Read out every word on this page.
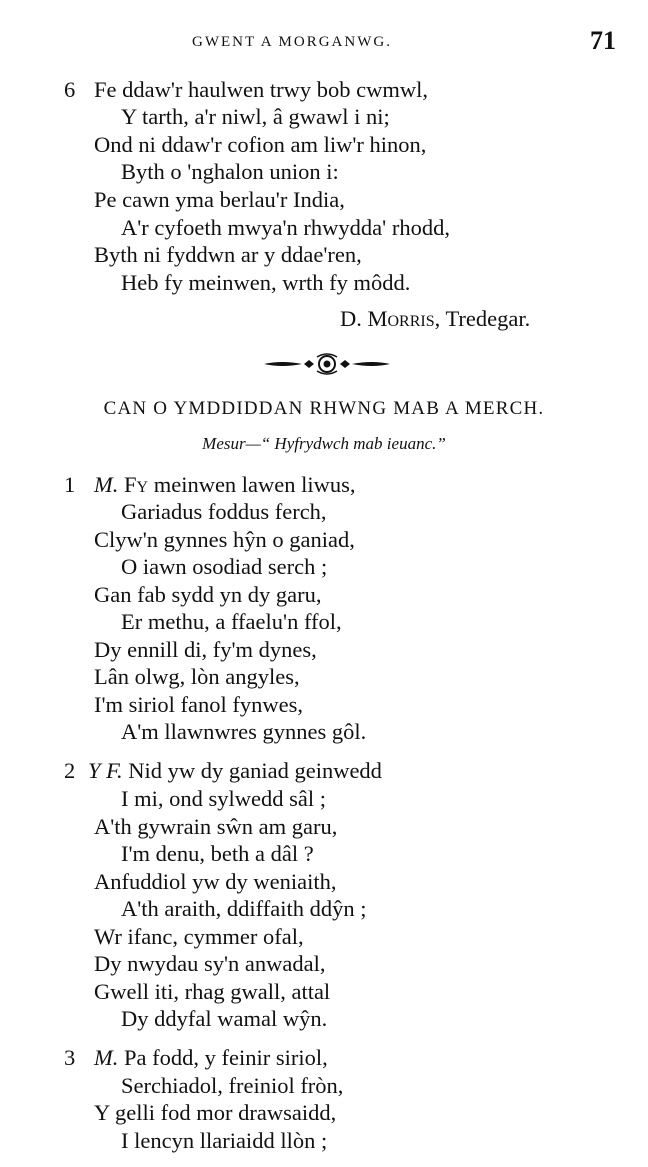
GWENT A MORGANWG.	71
6 Fe ddaw'r haulwen trwy bob cwmwl,
Y tarth, a'r niwl, â gwawl i ni;
Ond ni ddaw'r cofion am liw'r hinon,
Byth o 'nghalon union i:
Pe cawn yma berlau'r India,
A'r cyfoeth mwya'n rhwydda' rhodd,
Byth ni fyddwn ar y ddae'ren,
Heb fy meinwen, wrth fy môdd.
D. Morris, Tredegar.
CAN O YMDDIDDAN RHWNG MAB A MERCH.
Mesur—“ Hyfrydwch mab ieuanc.”
1 M. Fy meinwen lawen liwus,
Gariadus foddus ferch,
Clyw'n gynnes hŷn o ganiad,
O iawn osodiad serch ;
Gan fab sydd yn dy garu,
Er methu, a ffaelu'n ffol,
Dy ennill di, fy'm dynes,
Lân olwg, lòn angyles,
I'm siriol fanol fynwes,
A'm llawnwres gynnes gôl.
2 Y F. Nid yw dy ganiad geinwedd
I mi, ond sylwedd sâl ;
A'th gywrain sŵn am garu,
I'm denu, beth a dâl ?
Anfuddiol yw dy weniaith,
A'th araith, ddiffaith ddŷn ;
Wr ifanc, cymmer ofal,
Dy nwydau sy'n anwadal,
Gwell iti, rhag gwall, attal
Dy ddyfal wamal wŷn.
3 M. Pa fodd, y feinir siriol,
Serchiadol, freiniol fròn,
Y gelli fod mor drawsaidd,
I lencyn llariaidd llòn ;
